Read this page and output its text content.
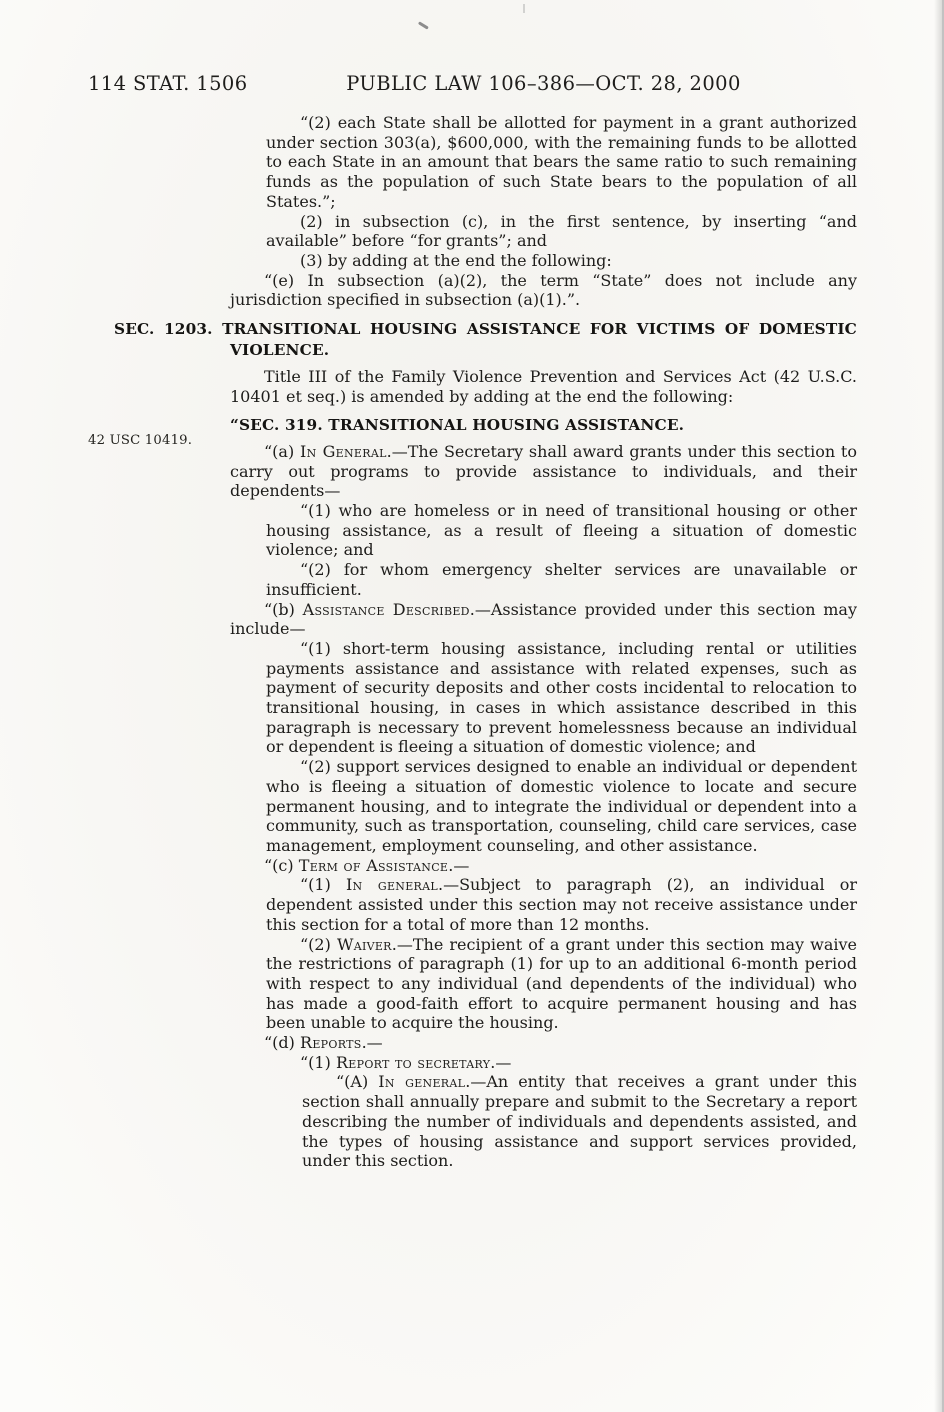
114 STAT. 1506	PUBLIC LAW 106–386—OCT. 28, 2000
42 USC 10419.

“(2) each State shall be allotted for payment in a grant authorized under section 303(a), $600,000, with the remaining funds to be allotted to each State in an amount that bears the same ratio to such remaining funds as the population of such State bears to the population of all States.”;

(2) in subsection (c), in the first sentence, by inserting “and available” before “for grants”; and

(3) by adding at the end the following:

“(e) In subsection (a)(2), the term “State” does not include any jurisdiction specified in subsection (a)(1).”.

SEC. 1203. TRANSITIONAL HOUSING ASSISTANCE FOR VICTIMS OF DOMESTIC VIOLENCE.

Title III of the Family Violence Prevention and Services Act (42 U.S.C. 10401 et seq.) is amended by adding at the end the following:

“SEC. 319. TRANSITIONAL HOUSING ASSISTANCE.

“(a) In General.—The Secretary shall award grants under this section to carry out programs to provide assistance to individuals, and their dependents—

“(1) who are homeless or in need of transitional housing or other housing assistance, as a result of fleeing a situation of domestic violence; and

“(2) for whom emergency shelter services are unavailable or insufficient.

“(b) Assistance Described.—Assistance provided under this section may include—

“(1) short-term housing assistance, including rental or utilities payments assistance and assistance with related expenses, such as payment of security deposits and other costs incidental to relocation to transitional housing, in cases in which assistance described in this paragraph is necessary to prevent homelessness because an individual or dependent is fleeing a situation of domestic violence; and

“(2) support services designed to enable an individual or dependent who is fleeing a situation of domestic violence to locate and secure permanent housing, and to integrate the individual or dependent into a community, such as transportation, counseling, child care services, case management, employment counseling, and other assistance.

“(c) Term of Assistance.—

“(1) In general.—Subject to paragraph (2), an individual or dependent assisted under this section may not receive assistance under this section for a total of more than 12 months.

“(2) Waiver.—The recipient of a grant under this section may waive the restrictions of paragraph (1) for up to an additional 6-month period with respect to any individual (and dependents of the individual) who has made a good-faith effort to acquire permanent housing and has been unable to acquire the housing.

“(d) Reports.—

“(1) Report to secretary.—

“(A) In general.—An entity that receives a grant under this section shall annually prepare and submit to the Secretary a report describing the number of individuals and dependents assisted, and the types of housing assistance and support services provided, under this section.
